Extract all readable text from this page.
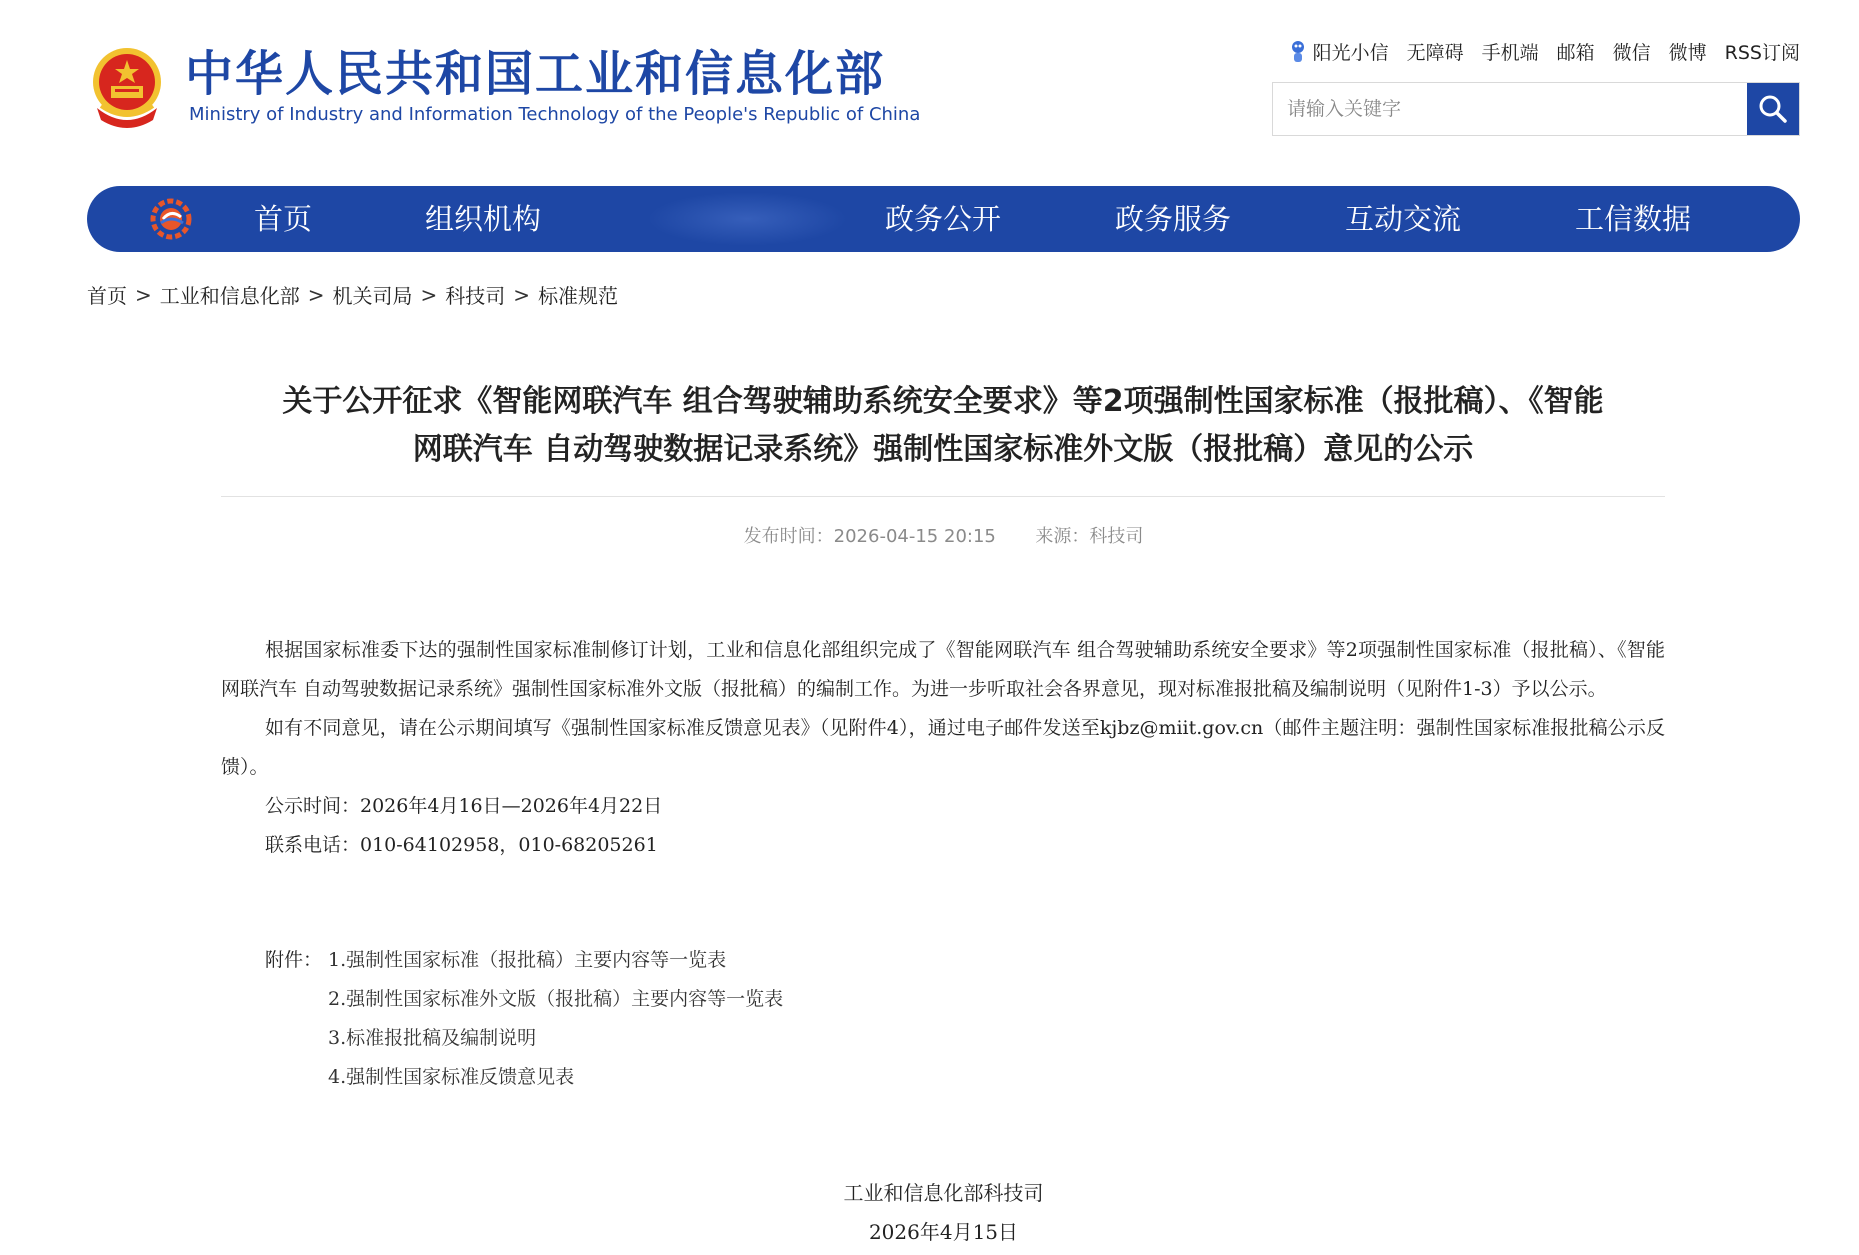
中华人民共和国工业和信息化部
Ministry of Industry and Information Technology of the People's Republic of China
阳光小信 无障碍 手机端 邮箱 微信 微博 RSS订阅
请输入关键字
首页	组织机构	政务公开	政务服务	互动交流	工信数据
首页 > 工业和信息化部 > 机关司局 > 科技司 > 标准规范
关于公开征求《智能网联汽车 组合驾驶辅助系统安全要求》等2项强制性国家标准（报批稿）、《智能
网联汽车 自动驾驶数据记录系统》强制性国家标准外文版（报批稿）意见的公示
发布时间：2026-04-15 20:15 来源：科技司

根据国家标准委下达的强制性国家标准制修订计划，工业和信息化部组织完成了《智能网联汽车 组合驾驶辅助系统安全要求》等2项强制性国家标准（报批稿）、《智能网联汽车 自动驾驶数据记录系统》强制性国家标准外文版（报批稿）的编制工作。为进一步听取社会各界意见，现对标准报批稿及编制说明（见附件1-3）予以公示。

如有不同意见，请在公示期间填写《强制性国家标准反馈意见表》（见附件4），通过电子邮件发送至kjbz@miit.gov.cn（邮件主题注明：强制性国家标准报批稿公示反馈）。

公示时间：2026年4月16日—2026年4月22日

联系电话：010-64102958，010-68205261

附件： 1.强制性国家标准（报批稿）主要内容等一览表
2.强制性国家标准外文版（报批稿）主要内容等一览表
3.标准报批稿及编制说明
4.强制性国家标准反馈意见表
工业和信息化部科技司
2026年4月15日
